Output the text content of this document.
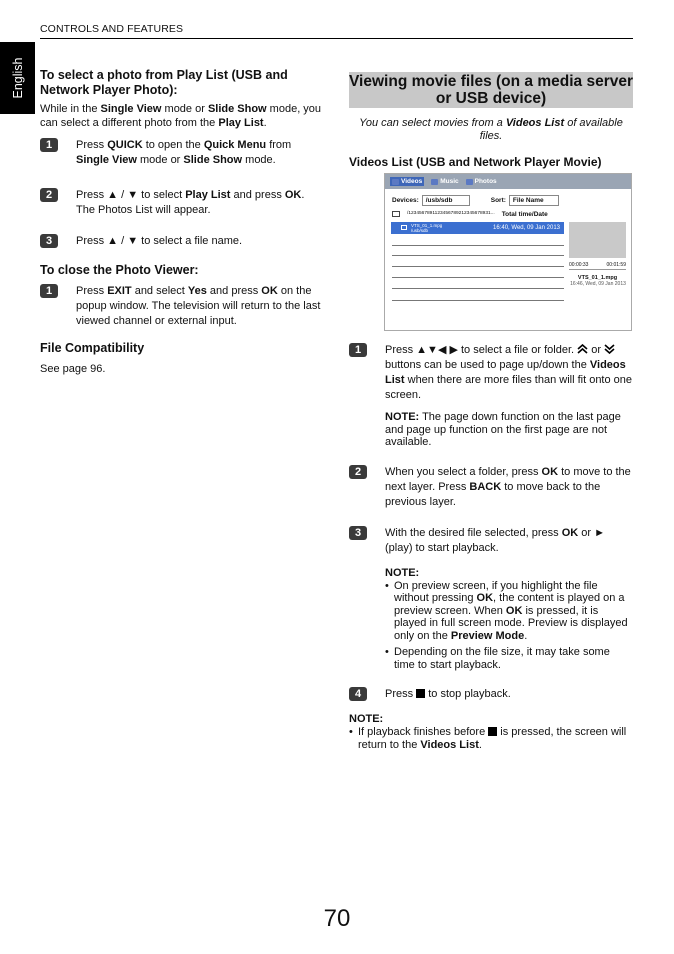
CONTROLS AND FEATURES
English To select a photo from Play List (USB and Network Player Photo):
While in the Single View mode or Slide Show mode, you can select a different photo from the Play List.
1	Press QUICK to open the Quick Menu from
Single View mode or Slide Show mode.
2	Press ▲ / ▼ to select Play List and press OK.
The Photos List will appear.
3	Press ▲ / ▼ to select a file name.
To close the Photo Viewer:
1	Press EXIT and select Yes and press OK on the popup window. The television will return to the last viewed channel or external input.
File Compatibility
See page 96.
Viewing movie files (on a media server or USB device)
You can select movies from a Videos List of available files.
Videos List (USB and Network Player Movie)
1	Press ▲▼◀ ▶ to select a file or folder.  or  buttons can be used to page up/down the Videos List when there are more files than will fit onto one screen.
NOTE: The page down function on the last page and page up function on the first page are not available.
2	When you select a folder, press OK to move to the next layer. Press BACK to move back to the previous layer.
3	With the desired file selected, press OK or ► (play) to start playback.
NOTE:
• On preview screen, if you highlight the file without pressing OK, the content is played on a preview screen. When OK is pressed, it is played in full screen mode. Preview is displayed only on the Preview Mode.
• Depending on the file size, it may take some time to start playback.
4	Press  to stop playback.
NOTE:
• If playback finishes before  is pressed, the screen will return to the Videos List.
Videos	Music Photos
Devices:	/usb/sdb	Sort:	File Name
/1234567891123456789212345678931... Total time/Date
VTS_01_1.mpg
/usb/sdb	16:40, Wed, 09 Jan 2013
00:00:33	00:01:59
VTS_01_1.mpg
16:46, Wed, 09 Jan 2013
70
